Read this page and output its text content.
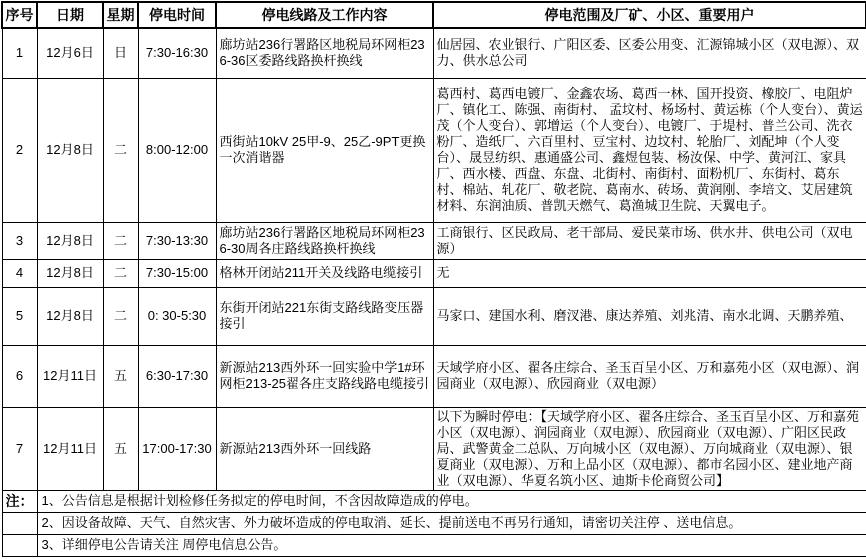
序号	日期	星期	停电时间	停电线路及工作内容	停电范围及厂矿、小区、重要用户
1	12月6日	日	7:30-16:30	廊坊站236行署路区地税局环网柜236-36区委路线路换杆换线	仙居园、农业银行、广阳区委、区委公用变、汇源锦城小区（双电源）、双力、供水总公司
2	12月8日	二	8:00-12:00	西街站10kV 25甲-9、25乙-9PT更换一次消谐器	葛西村、葛西电镀厂、金鑫农场、葛西一林、国开投资、橡胶厂、电阻炉厂、镇化工、陈强、南街村、 孟坟村、杨场村、黄运栋（个人变台）、黄运茂（个人变台）、郭增运（个人变台）、电镀厂、于堤村、普兰公司、洗衣粉厂、造纸厂、六百里村、豆宝村、边坟村、轮胎厂、刘配坤（个人变台）、晟昱纺织、惠通盛公司、鑫煜包装、杨汝保、中学、黄河江、家具厂、西水楼、西盘、东盘、北街村、南街村、面粉机厂、东街村、葛东村、棉站、轧花厂、敬老院、葛南水、砖场、黄润刚、李培文、艾居建筑材料、东润油质、普凯天燃气、葛渔城卫生院、天翼电子。
3	12月8日	二	7:30-13:30	廊坊站236行署路区地税局环网柜236-30周各庄路线路换杆换线	工商银行、区民政局、老干部局、爱民菜市场、供水井、供电公司（双电源）
4	12月8日	二	7:30-15:00	格林开闭站211开关及线路电缆接引	无
5	12月8日	二	0: 30-5:30	东街开闭站221东街支路线路变压器接引	马家口、建国水利、磨汊港、康达养殖、刘兆清、南水北调、天鹏养殖、
6	12月11日	五	6:30-17:30	新源站213西外环一回实验中学1#环网柜213-25翟各庄支路线路电缆接引	天域学府小区、翟各庄综合、圣玉百呈小区、万和嘉苑小区（双电源）、润园商业（双电源）、欣园商业（双电源）
7	12月11日	五	17:00-17:30	新源站213西外环一回线路	以下为瞬时停电：【天域学府小区、翟各庄综合、圣玉百呈小区、万和嘉苑小区（双电源）、润园商业（双电源）、欣园商业（双电源）、广阳区民政局、武警黄金二总队、万向城小区（双电源）、万向城商业（双电源）、银夏商业（双电源）、万和上品小区（双电源）、都市名园小区、建业地产商业（双电源）、华夏名筑小区、迪斯卡伦商贸公司】
注：	1、公告信息是根据计划检修任务拟定的停电时间，不含因故障造成的停电。				
	2、因设备故障、天气、自然灾害、外力破坏造成的停电取消、延长、提前送电不再另行通知，请密切关注停 、送电信息。				
	3、详细停电公告请关注 周停电信息公告。				
